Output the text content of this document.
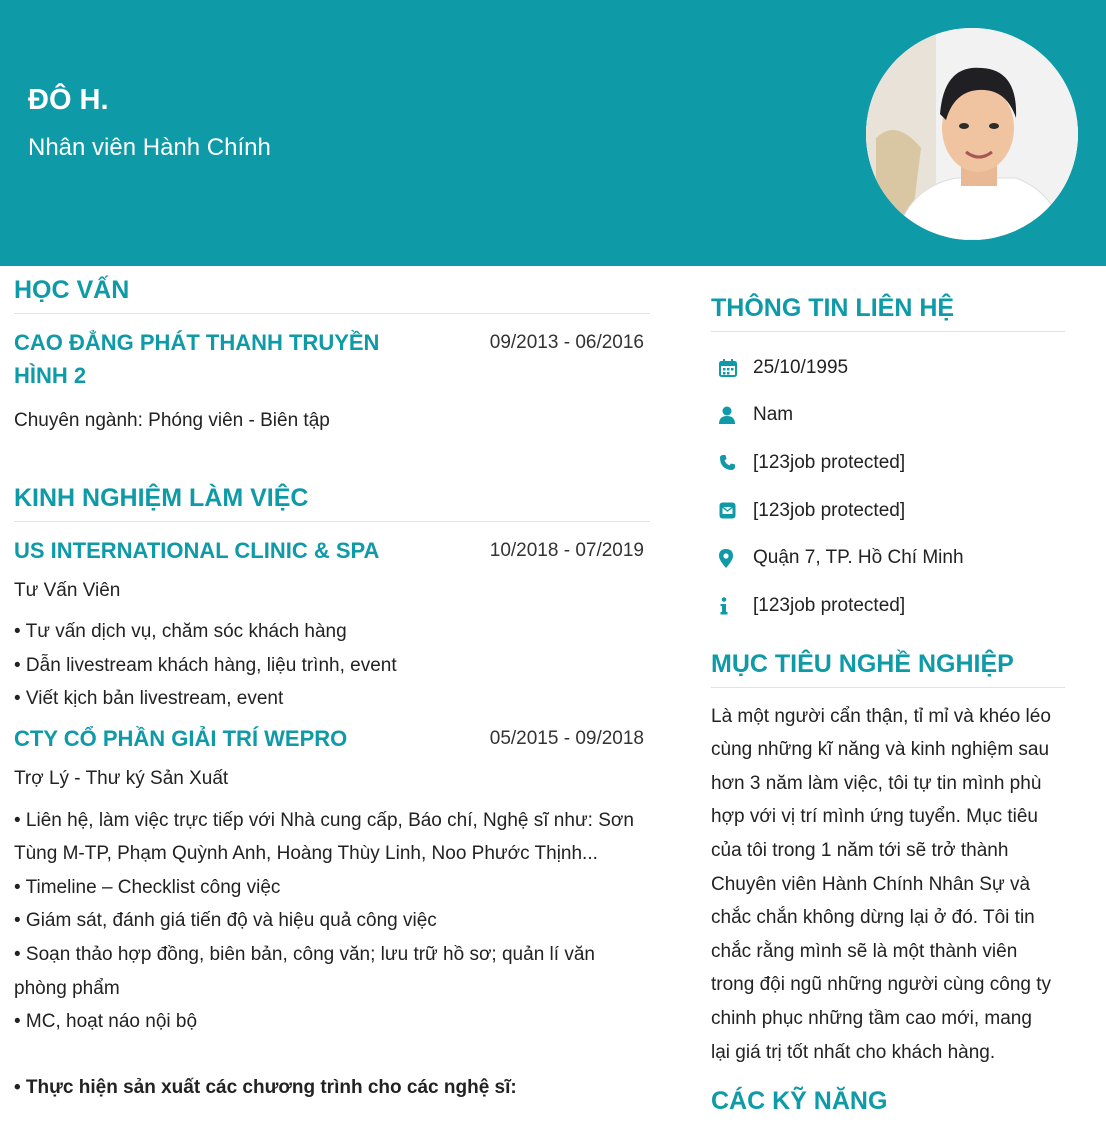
ĐÔ H.
Nhân viên Hành Chính
HỌC VẤN
CAO ĐẲNG PHÁT THANH TRUYỀN HÌNH 2
09/2013 - 06/2016
Chuyên ngành: Phóng viên - Biên tập
KINH NGHIỆM LÀM VIỆC
US INTERNATIONAL CLINIC & SPA	10/2018 - 07/2019
Tư Vấn Viên
• Tư vấn dịch vụ, chăm sóc khách hàng
• Dẫn livestream khách hàng, liệu trình, event
• Viết kịch bản livestream, event
CTY CỔ PHẦN GIẢI TRÍ WEPRO	05/2015 - 09/2018
Trợ Lý - Thư ký Sản Xuất
• Liên hệ, làm việc trực tiếp với Nhà cung cấp, Báo chí, Nghệ sĩ như: Sơn
Tùng M-TP, Phạm Quỳnh Anh, Hoàng Thùy Linh, Noo Phước Thịnh...
• Timeline – Checklist công việc
• Giám sát, đánh giá tiến độ và hiệu quả công việc
• Soạn thảo hợp đồng, biên bản, công văn; lưu trữ hồ sơ; quản lí văn
phòng phẩm
• MC, hoạt náo nội bộ
• Thực hiện sản xuất các chương trình cho các nghệ sĩ:
THÔNG TIN LIÊN HỆ
25/10/1995
Nam
[123job protected]
[123job protected]
Quận 7, TP. Hồ Chí Minh
[123job protected]
MỤC TIÊU NGHỀ NGHIỆP
Là một người cẩn thận, tỉ mỉ và khéo léo
cùng những kĩ năng và kinh nghiệm sau
hơn 3 năm làm việc, tôi tự tin mình phù
hợp với vị trí mình ứng tuyển. Mục tiêu
của tôi trong 1 năm tới sẽ trở thành
Chuyên viên Hành Chính Nhân Sự và
chắc chắn không dừng lại ở đó. Tôi tin
chắc rằng mình sẽ là một thành viên
trong đội ngũ những người cùng công ty
chinh phục những tầm cao mới, mang
lại giá trị tốt nhất cho khách hàng.
CÁC KỸ NĂNG
